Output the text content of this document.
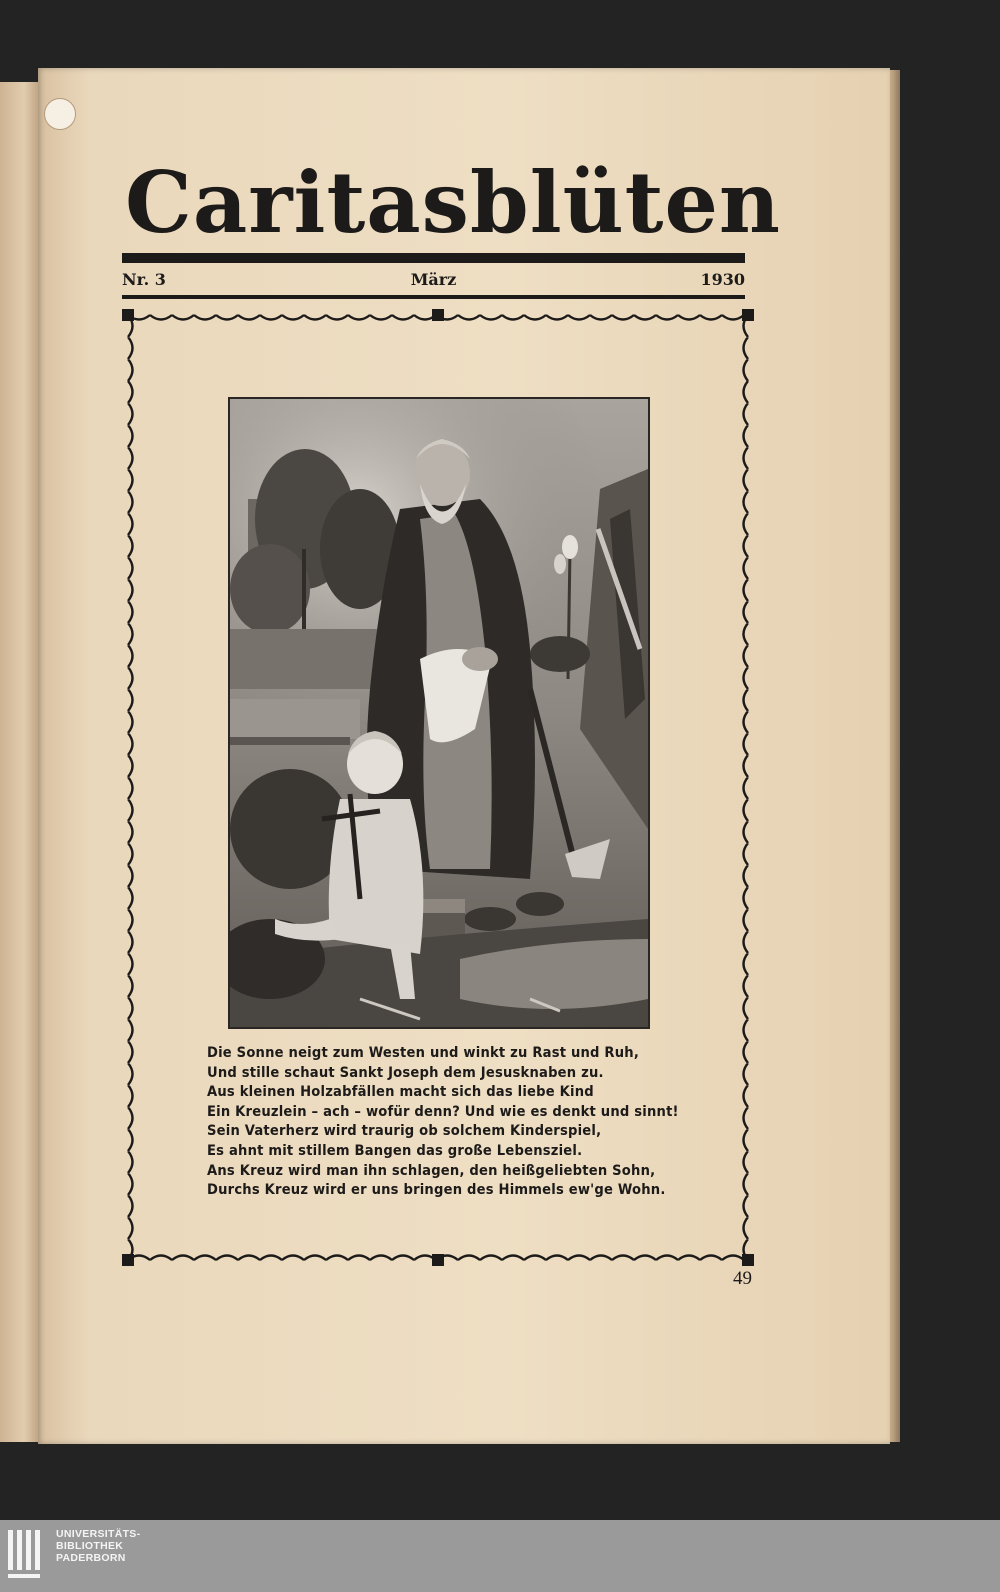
Caritasblüten
Nr. 3	März	1930
Die Sonne neigt zum Westen und winkt zu Rast und Ruh,
Und stille schaut Sankt Joseph dem Jesusknaben zu.
Aus kleinen Holzabfällen macht sich das liebe Kind
Ein Kreuzlein – ach – wofür denn? Und wie es denkt und sinnt!
Sein Vaterherz wird traurig ob solchem Kinderspiel,
Es ahnt mit stillem Bangen das große Lebensziel.
Ans Kreuz wird man ihn schlagen, den heißgeliebten Sohn,
Durchs Kreuz wird er uns bringen des Himmels ew'ge Wohn.
49
UNIVERSITÄTS-
BIBLIOTHEK
PADERBORN
